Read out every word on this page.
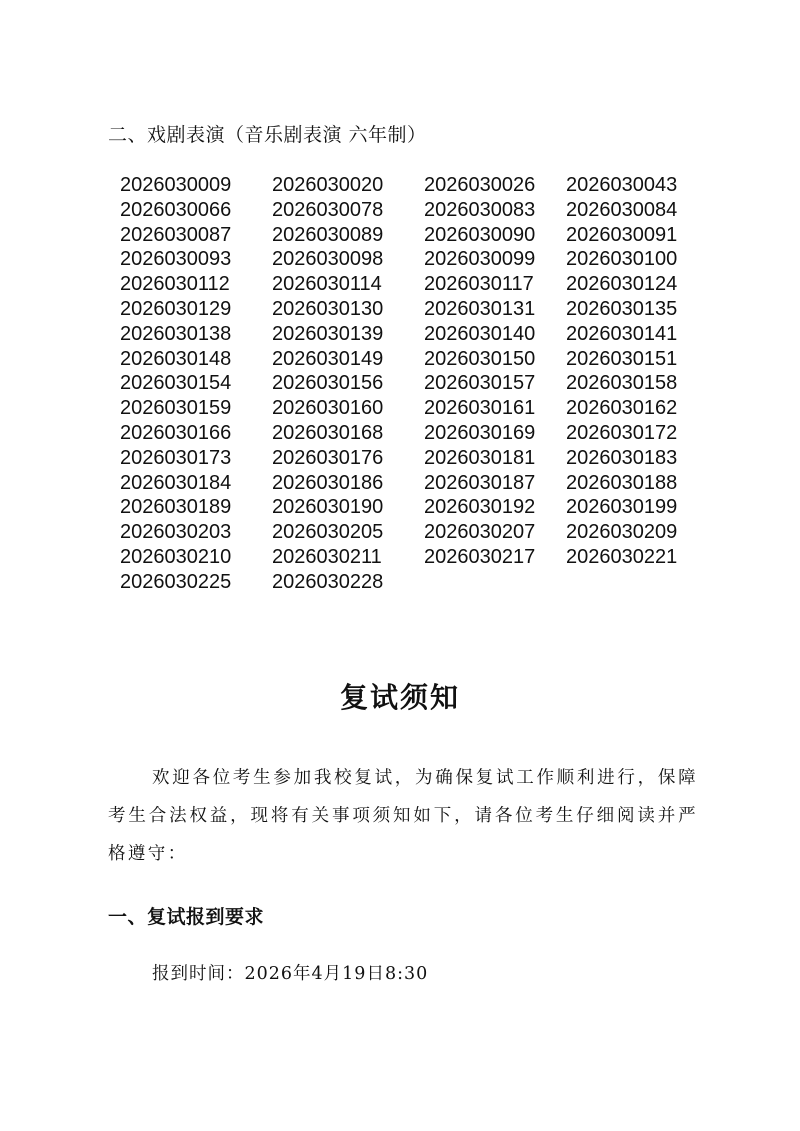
二、戏剧表演（音乐剧表演 六年制）
2026030009	2026030020	2026030026	2026030043
2026030066	2026030078	2026030083	2026030084
2026030087	2026030089	2026030090	2026030091
2026030093	2026030098	2026030099	2026030100
2026030112	2026030114	2026030117	2026030124
2026030129	2026030130	2026030131	2026030135
2026030138	2026030139	2026030140	2026030141
2026030148	2026030149	2026030150	2026030151
2026030154	2026030156	2026030157	2026030158
2026030159	2026030160	2026030161	2026030162
2026030166	2026030168	2026030169	2026030172
2026030173	2026030176	2026030181	2026030183
2026030184	2026030186	2026030187	2026030188
2026030189	2026030190	2026030192	2026030199
2026030203	2026030205	2026030207	2026030209
2026030210	2026030211	2026030217	2026030221
2026030225	2026030228
复试须知
欢迎各位考生参加我校复试，为确保复试工作顺利进行，保障考生合法权益，现将有关事项须知如下，请各位考生仔细阅读并严格遵守：
一、复试报到要求
报到时间：2026年4月19日8:30
